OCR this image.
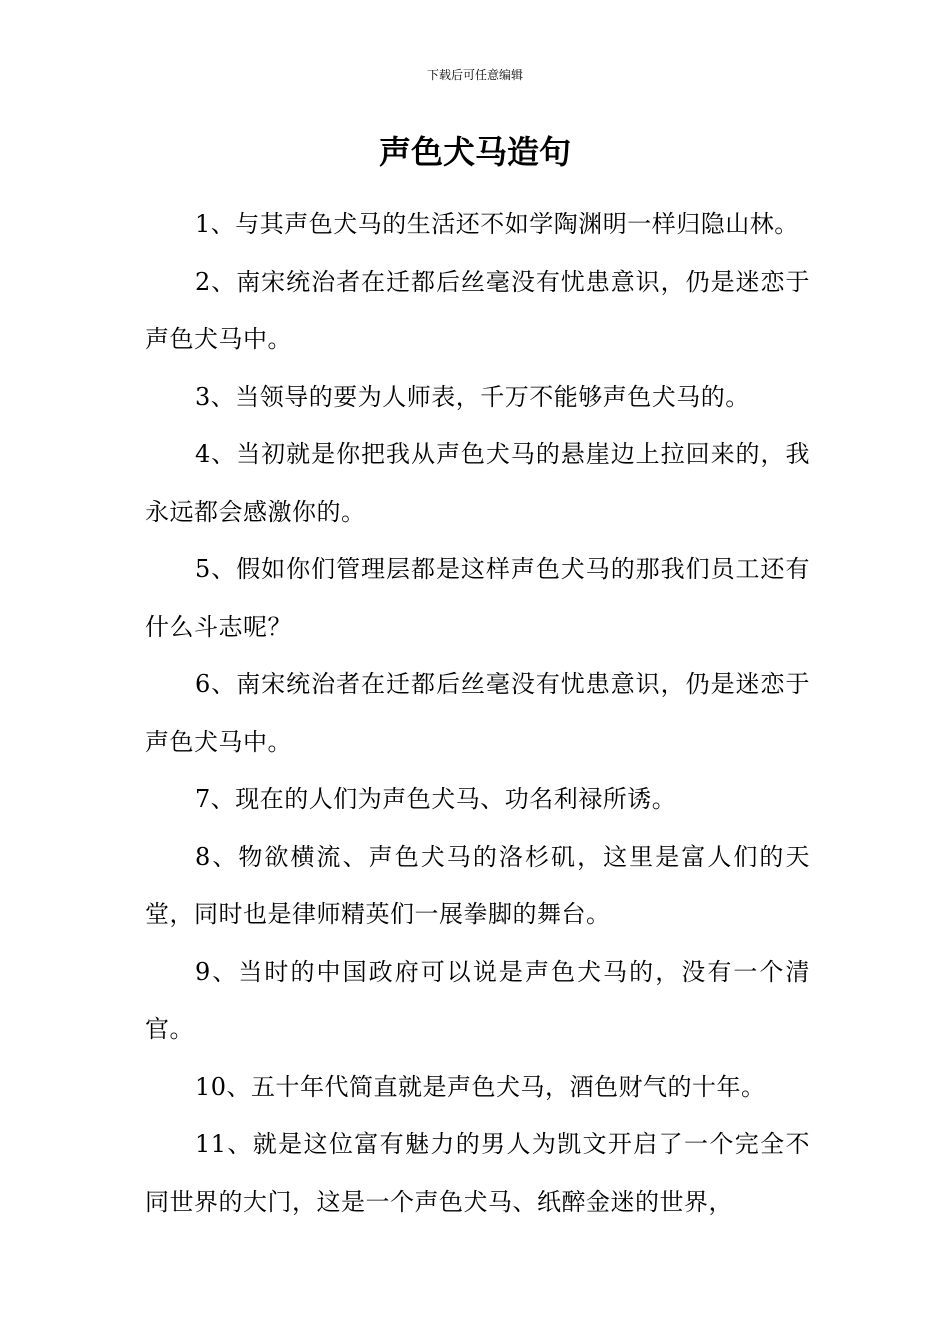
下载后可任意编辑
声色犬马造句

1、与其声色犬马的生活还不如学陶渊明一样归隐山林。

2、南宋统治者在迁都后丝毫没有忧患意识，仍是迷恋于声色犬马中。

3、当领导的要为人师表，千万不能够声色犬马的。

4、当初就是你把我从声色犬马的悬崖边上拉回来的，我永远都会感激你的。

5、假如你们管理层都是这样声色犬马的那我们员工还有什么斗志呢？

6、南宋统治者在迁都后丝毫没有忧患意识，仍是迷恋于声色犬马中。

7、现在的人们为声色犬马、功名利禄所诱。

8、物欲横流、声色犬马的洛杉矶，这里是富人们的天堂，同时也是律师精英们一展拳脚的舞台。

9、当时的中国政府可以说是声色犬马的，没有一个清官。

10、五十年代简直就是声色犬马，酒色财气的十年。

11、就是这位富有魅力的男人为凯文开启了一个完全不同世界的大门，这是一个声色犬马、纸醉金迷的世界，
